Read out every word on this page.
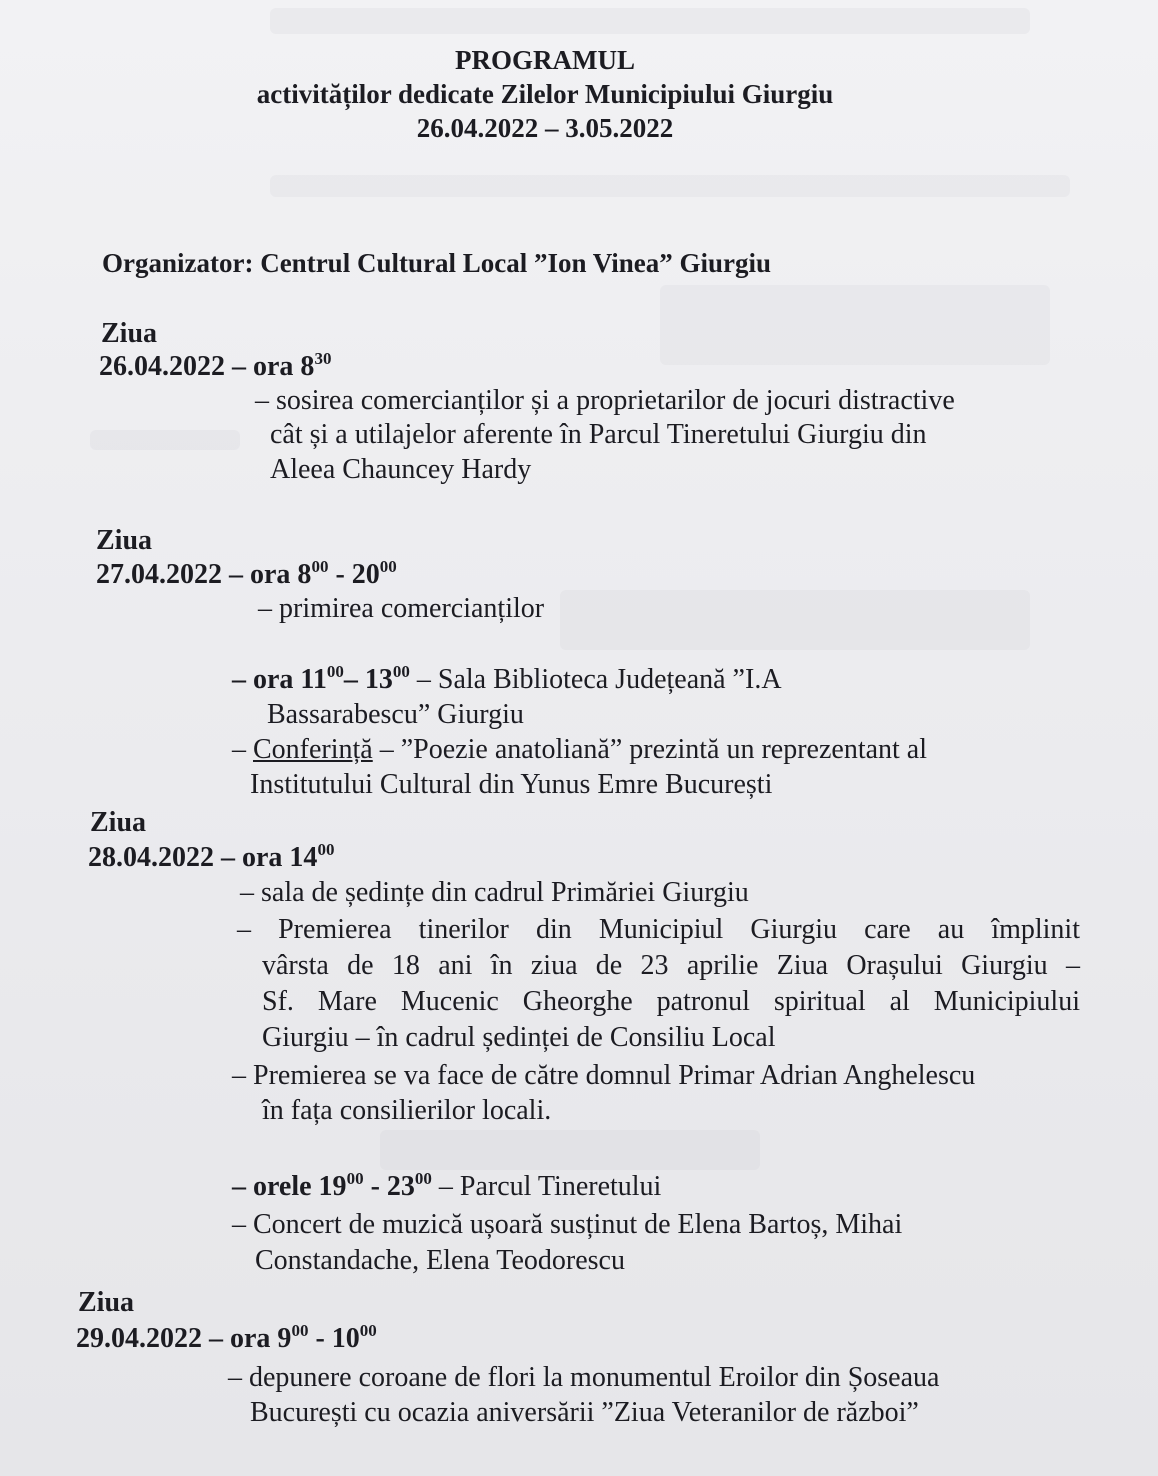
PROGRAMUL
activităților dedicate Zilelor Municipiului Giurgiu
26.04.2022 – 3.05.2022
Organizator: Centrul Cultural Local ”Ion Vinea” Giurgiu
Ziua
26.04.2022 – ora $8^{30}$
– sosirea comercianților și a proprietarilor de jocuri distractive
cât și a utilajelor aferente în Parcul Tineretului Giurgiu din
Aleea Chauncey Hardy
Ziua
27.04.2022 – ora $8^{00} - 20^{00}$
– primirea comercianților
– ora $11^{00}-$ $13^{00}$ – Sala Biblioteca Județeană ”I.A
Bassarabescu” Giurgiu
– Conferință – ”Poezie anatoliană” prezintă un reprezentant al
Institutului Cultural din Yunus Emre București
Ziua
28.04.2022 – ora $14^{00}$
– sala de ședințe din cadrul Primăriei Giurgiu
– Premierea tinerilor din Municipiul Giurgiu care au împlinit
vârsta de 18 ani în ziua de 23 aprilie Ziua Orașului Giurgiu –
Sf. Mare Mucenic Gheorghe patronul spiritual al Municipiului
Giurgiu – în cadrul ședinței de Consiliu Local
– Premierea se va face de către domnul Primar Adrian Anghelescu
în fața consilierilor locali.
– orele $19^{00} - 23^{00}$ – Parcul Tineretului
– Concert de muzică ușoară susținut de Elena Bartoș, Mihai
Constandache, Elena Teodorescu
Ziua
29.04.2022 – ora $9^{00} - 10^{00}$
– depunere coroane de flori la monumentul Eroilor din Șoseaua
București cu ocazia aniversării ”Ziua Veteranilor de război”
